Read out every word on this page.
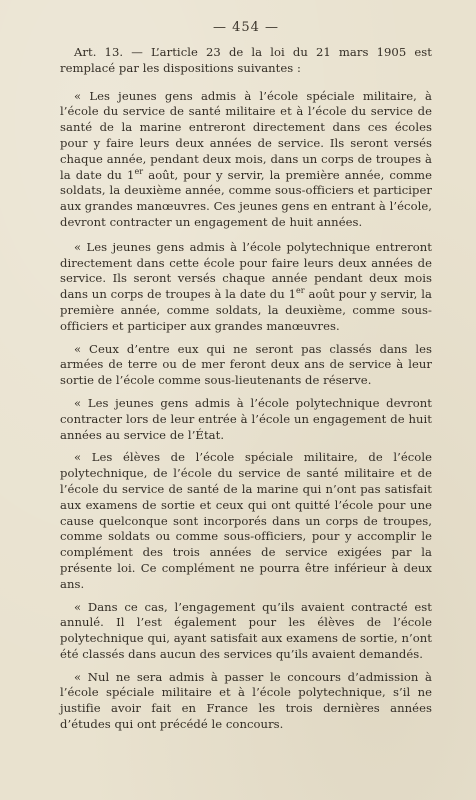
— 454 —

Art. 13. — L’article 23 de la loi du 21 mars 1905 est remplacé par les dispositions suivantes :

« Les jeunes gens admis à l’école spéciale militaire, à l’école du service de santé militaire et à l’école du service de santé de la marine entreront directement dans ces écoles pour y faire leurs deux années de service. Ils seront versés chaque année, pendant deux mois, dans un corps de troupes à la date du 1er août, pour y servir, la première année, comme soldats, la deuxième année, comme sous-officiers et participer aux grandes manœuvres. Ces jeunes gens en entrant à l’école, devront contracter un engagement de huit années.

« Les jeunes gens admis à l’école polytechnique entreront directement dans cette école pour faire leurs deux années de service. Ils seront versés chaque année pendant deux mois dans un corps de troupes à la date du 1er août pour y servir, la première année, comme soldats, la deuxième, comme sous-officiers et participer aux grandes manœuvres.

« Ceux d’entre eux qui ne seront pas classés dans les armées de terre ou de mer feront deux ans de service à leur sortie de l’école comme sous-lieutenants de réserve.

« Les jeunes gens admis à l’école polytechnique devront contracter lors de leur entrée à l’école un engagement de huit années au service de l’État.

« Les élèves de l’école spéciale militaire, de l’école polytechnique, de l’école du service de santé militaire et de l’école du service de santé de la marine qui n’ont pas satisfait aux examens de sortie et ceux qui ont quitté l’école pour une cause quelconque sont incorporés dans un corps de troupes, comme soldats ou comme sous-officiers, pour y accomplir le complément des trois années de service exigées par la présente loi. Ce complément ne pourra être inférieur à deux ans.

« Dans ce cas, l’engagement qu’ils avaient contracté est annulé. Il l’est également pour les élèves de l’école polytechnique qui, ayant satisfait aux examens de sortie, n’ont été classés dans aucun des services qu’ils avaient demandés.

« Nul ne sera admis à passer le concours d’admission à l’école spéciale militaire et à l’école polytechnique, s’il ne justifie avoir fait en France les trois dernières années d’études qui ont précédé le concours.
